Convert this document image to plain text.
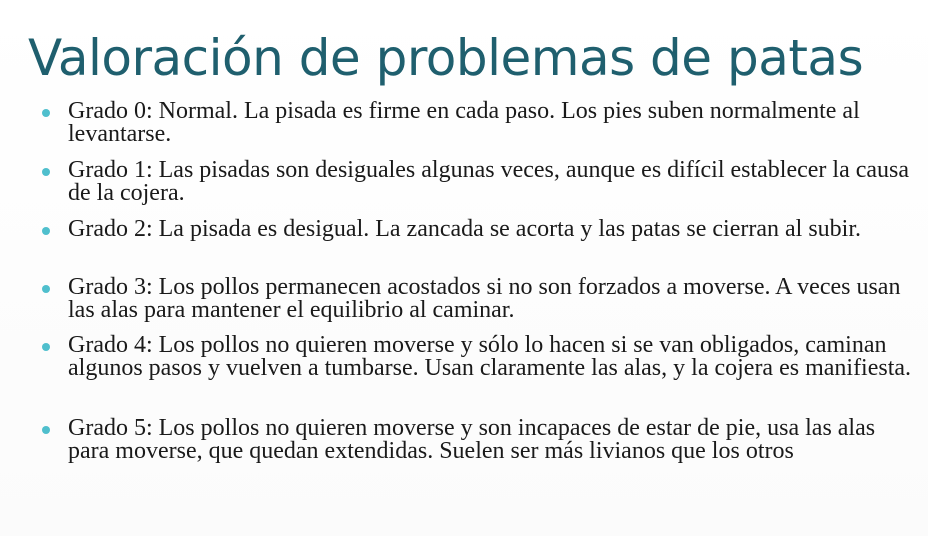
Valoración de problemas de patas
Grado 0: Normal. La pisada es firme en cada paso. Los pies suben normalmente al levantarse.
Grado 1: Las pisadas son desiguales algunas veces, aunque es difícil establecer la causa de la cojera.
Grado 2: La pisada es desigual. La zancada se acorta y las patas se cierran al subir.
Grado 3: Los pollos permanecen acostados si no son forzados a moverse. A veces usan las alas para mantener el equilibrio al caminar.
Grado 4: Los pollos no quieren moverse y sólo lo hacen si se van obligados, caminan algunos pasos y vuelven a tumbarse. Usan claramente las alas, y la cojera es manifiesta.
Grado 5: Los pollos no quieren moverse y son incapaces de estar de pie, usa las alas para moverse, que quedan extendidas. Suelen ser más livianos que los otros
